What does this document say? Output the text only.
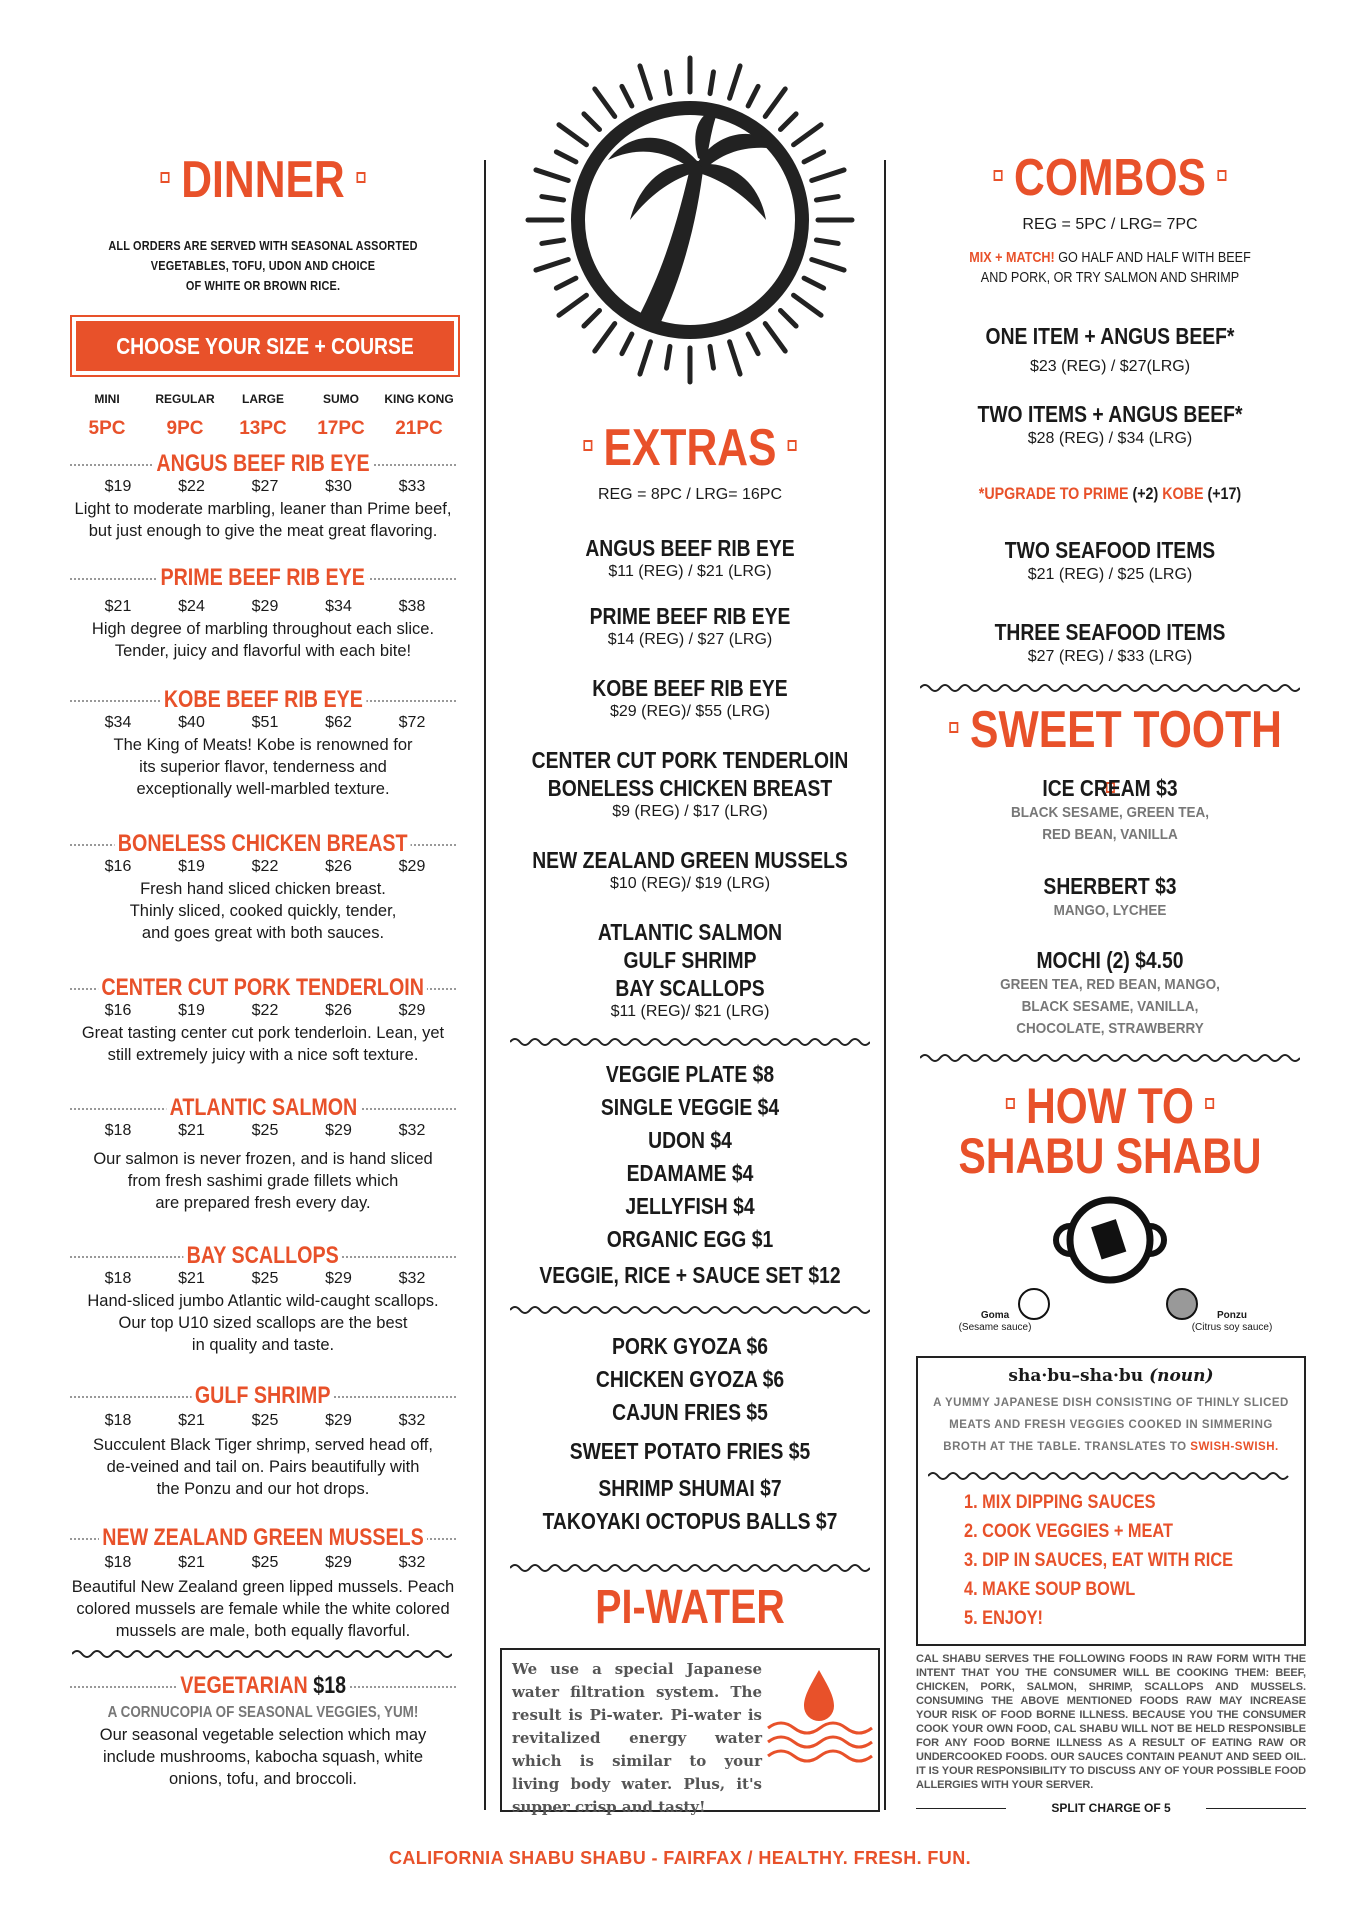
DINNER
ALL ORDERS ARE SERVED WITH SEASONAL ASSORTED
VEGETABLES, TOFU, UDON AND CHOICE
OF WHITE OR BROWN RICE.
CHOOSE YOUR SIZE + COURSE
MINI	REGULAR	LARGE	SUMO	KING KONG
5PC	9PC	13PC	17PC	21PC
ANGUS BEEF RIB EYE
$19	$22	$27	$30	$33
Light to moderate marbling, leaner than Prime beef,
but just enough to give the meat great flavoring.
PRIME BEEF RIB EYE
$21	$24	$29	$34	$38
High degree of marbling throughout each slice.
Tender, juicy and flavorful with each bite!
KOBE BEEF RIB EYE
$34	$40	$51	$62	$72
The King of Meats! Kobe is renowned for
its superior flavor, tenderness and
exceptionally well-marbled texture.
BONELESS CHICKEN BREAST
$16	$19	$22	$26	$29
Fresh hand sliced chicken breast.
Thinly sliced, cooked quickly, tender,
and goes great with both sauces.
CENTER CUT PORK TENDERLOIN
$16	$19	$22	$26	$29
Great tasting center cut pork tenderloin. Lean, yet
still extremely juicy with a nice soft texture.
ATLANTIC SALMON
$18	$21	$25	$29	$32
Our salmon is never frozen, and is hand sliced
from fresh sashimi grade fillets which
are prepared fresh every day.
BAY SCALLOPS
$18	$21	$25	$29	$32
Hand-sliced jumbo Atlantic wild-caught scallops.
Our top U10 sized scallops are the best
in quality and taste.
GULF SHRIMP
$18	$21	$25	$29	$32
Succulent Black Tiger shrimp, served head off,
de-veined and tail on. Pairs beautifully with
the Ponzu and our hot drops.
NEW ZEALAND GREEN MUSSELS
$18	$21	$25	$29	$32
Beautiful New Zealand green lipped mussels. Peach
colored mussels are female while the white colored
mussels are male, both equally flavorful.
VEGETARIAN $18
A CORNUCOPIA OF SEASONAL VEGGIES, YUM!
Our seasonal vegetable selection which may
include mushrooms, kabocha squash, white
onions, tofu, and broccoli.
EXTRAS
REG = 8PC / LRG= 16PC
ANGUS BEEF RIB EYE
$11 (REG) / $21 (LRG)
PRIME BEEF RIB EYE
$14 (REG) / $27 (LRG)
KOBE BEEF RIB EYE
$29 (REG)/ $55 (LRG)
CENTER CUT PORK TENDERLOIN
BONELESS CHICKEN BREAST
$9 (REG) / $17 (LRG)
NEW ZEALAND GREEN MUSSELS
$10 (REG)/ $19 (LRG)
ATLANTIC SALMON
GULF SHRIMP
BAY SCALLOPS
$11 (REG)/ $21 (LRG)
VEGGIE PLATE $8
SINGLE VEGGIE $4
UDON $4
EDAMAME $4
JELLYFISH $4
ORGANIC EGG $1
VEGGIE, RICE + SAUCE SET $12
PORK GYOZA $6
CHICKEN GYOZA $6
CAJUN FRIES $5
SWEET POTATO FRIES $5
SHRIMP SHUMAI $7
TAKOYAKI OCTOPUS BALLS $7
PI-WATER
We use a special Japanese water filtration system. The result is Pi-water. Pi-water is revitalized energy water which is similar to your living body water. Plus, it's supper crisp and tasty!
COMBOS
REG = 5PC / LRG= 7PC
MIX + MATCH! GO HALF AND HALF WITH BEEF
AND PORK, OR TRY SALMON AND SHRIMP
ONE ITEM + ANGUS BEEF*
$23 (REG) / $27(LRG)
TWO ITEMS + ANGUS BEEF*
$28 (REG) / $34 (LRG)
*UPGRADE TO PRIME (+2) KOBE (+17)
TWO SEAFOOD ITEMS
$21 (REG) / $25 (LRG)
THREE SEAFOOD ITEMS
$27 (REG) / $33 (LRG)
SWEET TOOTH
ICE CREAM $3
BLACK SESAME, GREEN TEA,
RED BEAN, VANILLA
SHERBERT $3
MANGO, LYCHEE
MOCHI (2) $4.50
GREEN TEA, RED BEAN, MANGO,
BLACK SESAME, VANILLA,
CHOCOLATE, STRAWBERRY
HOW TO
SHABU SHABU
Goma
(Sesame sauce)
Ponzu
(Citrus soy sauce)
sha·bu–sha·bu (noun)
A YUMMY JAPANESE DISH CONSISTING OF THINLY SLICED MEATS AND FRESH VEGGIES COOKED IN SIMMERING BROTH AT THE TABLE. TRANSLATES TO SWISH-SWISH.
1. MIX DIPPING SAUCES
2. COOK VEGGIES + MEAT
3. DIP IN SAUCES, EAT WITH RICE
4. MAKE SOUP BOWL
5. ENJOY!
CAL SHABU SERVES THE FOLLOWING FOODS IN RAW FORM WITH THE INTENT THAT YOU THE CONSUMER WILL BE COOKING THEM: BEEF, CHICKEN, PORK, SALMON, SHRIMP, SCALLOPS AND MUSSELS. CONSUMING THE ABOVE MENTIONED FOODS RAW MAY INCREASE YOUR RISK OF FOOD BORNE ILLNESS. BECAUSE YOU THE CONSUMER COOK YOUR OWN FOOD, CAL SHABU WILL NOT BE HELD RESPONSIBLE FOR ANY FOOD BORNE ILLNESS AS A RESULT OF EATING RAW OR UNDERCOOKED FOODS. OUR SAUCES CONTAIN PEANUT AND SEED OIL. IT IS YOUR RESPONSIBILITY TO DISCUSS ANY OF YOUR POSSIBLE FOOD ALLERGIES WITH YOUR SERVER.
SPLIT CHARGE OF 5
CALIFORNIA SHABU SHABU - FAIRFAX / HEALTHY. FRESH. FUN.
